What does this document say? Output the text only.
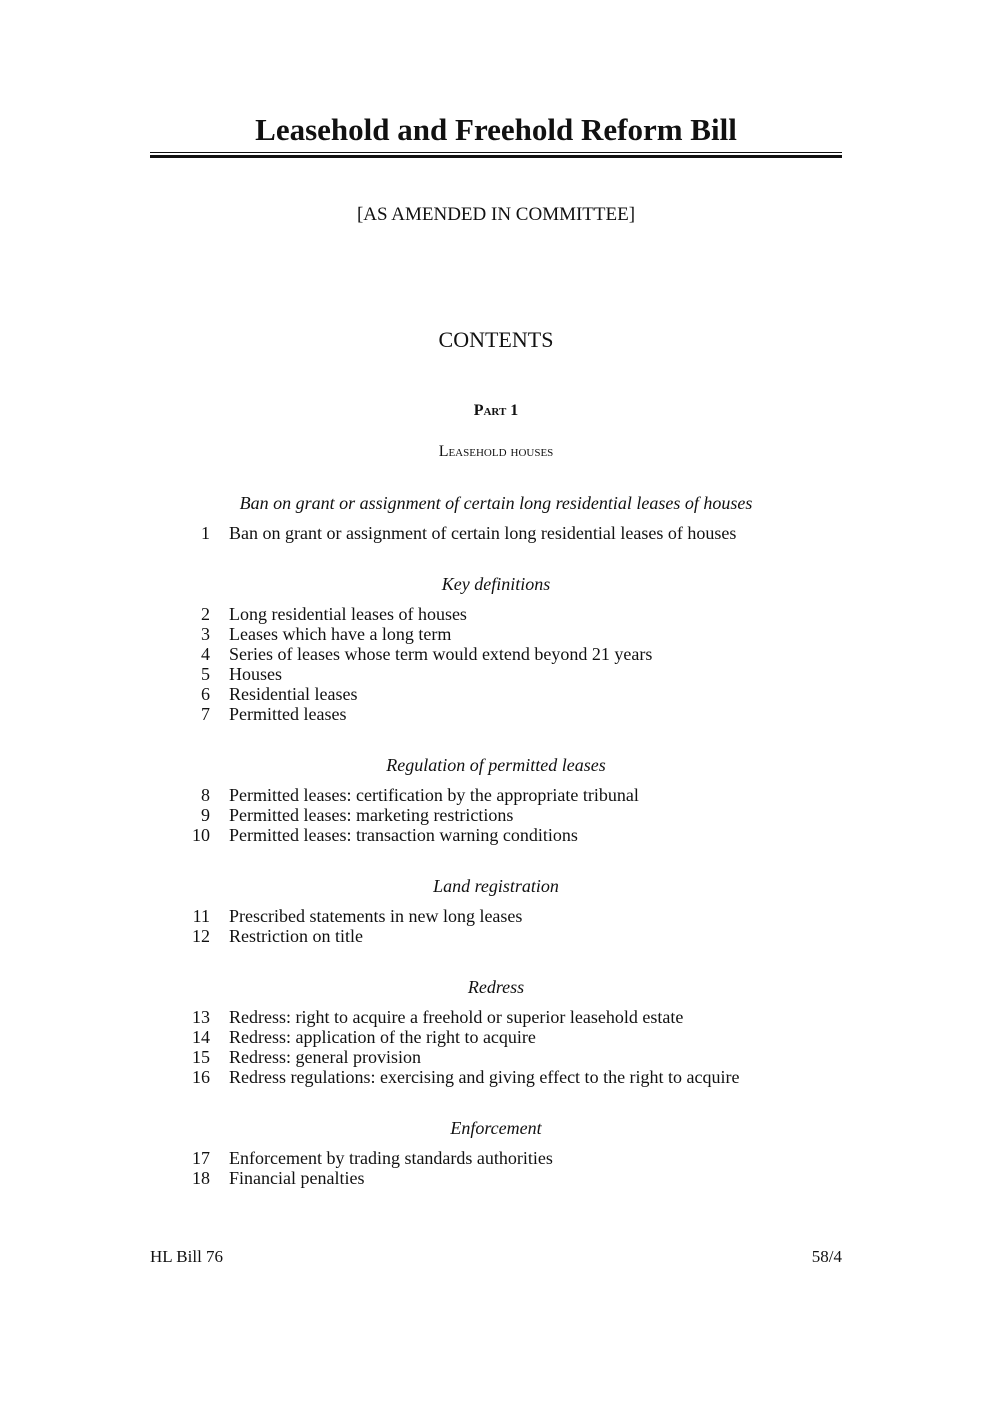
Leasehold and Freehold Reform Bill
[AS AMENDED IN COMMITTEE]
CONTENTS
Part 1
Leasehold houses
Ban on grant or assignment of certain long residential leases of houses
1 Ban on grant or assignment of certain long residential leases of houses
Key definitions
2 Long residential leases of houses
3 Leases which have a long term
4 Series of leases whose term would extend beyond 21 years
5 Houses
6 Residential leases
7 Permitted leases
Regulation of permitted leases
8 Permitted leases: certification by the appropriate tribunal
9 Permitted leases: marketing restrictions
10 Permitted leases: transaction warning conditions
Land registration
11 Prescribed statements in new long leases
12 Restriction on title
Redress
13 Redress: right to acquire a freehold or superior leasehold estate
14 Redress: application of the right to acquire
15 Redress: general provision
16 Redress regulations: exercising and giving effect to the right to acquire
Enforcement
17 Enforcement by trading standards authorities
18 Financial penalties
HL Bill 76	58/4
